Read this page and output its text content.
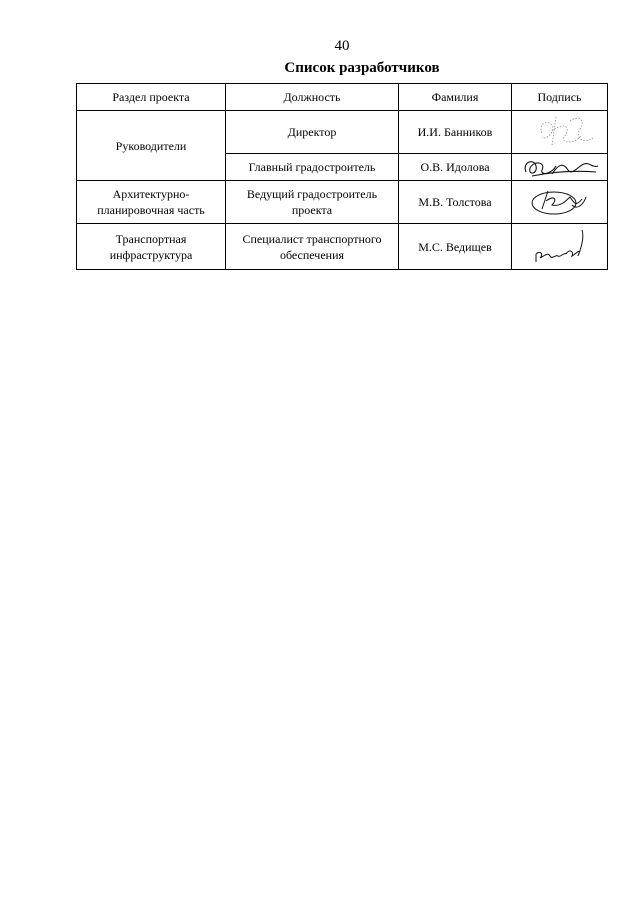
40
Список разработчиков
Раздел проекта	Должность	Фамилия	Подпись
Руководители	Директор	И.И. Банников	

	Главный градостроитель	О.В. Идолова	

Архитектурно-планировочная часть	Ведущий градостроитель проекта	М.В. Толстова	

Транспортная инфраструктура	Специалист транспортного обеспечения	М.С. Ведищев	
